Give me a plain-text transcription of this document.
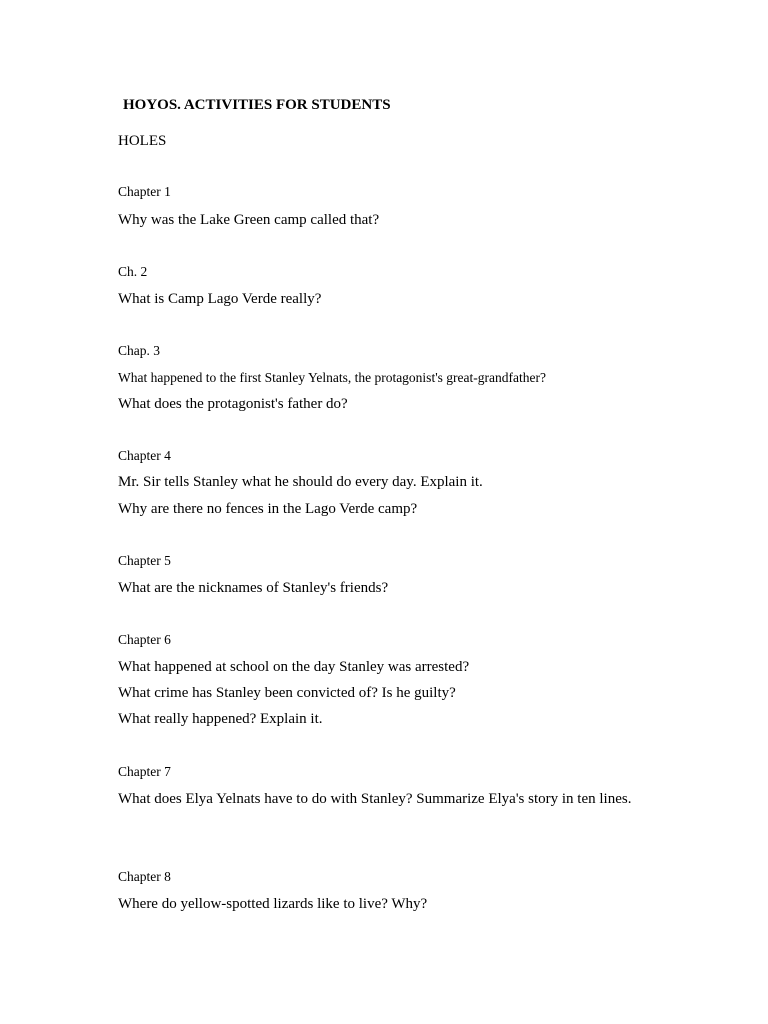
HOYOS. ACTIVITIES FOR STUDENTS
HOLES
Chapter 1
Why was the Lake Green camp called that?
Ch. 2
What is Camp Lago Verde really?
Chap. 3
What happened to the first Stanley Yelnats, the protagonist's great-grandfather?
What does the protagonist's father do?
Chapter 4
Mr. Sir tells Stanley what he should do every day. Explain it.
Why are there no fences in the Lago Verde camp?
Chapter 5
What are the nicknames of Stanley's friends?
Chapter 6
What happened at school on the day Stanley was arrested?
What crime has Stanley been convicted of? Is he guilty?
What really happened? Explain it.
Chapter 7
What does Elya Yelnats have to do with Stanley? Summarize Elya's story in ten lines.
Chapter 8
Where do yellow-spotted lizards like to live? Why?
